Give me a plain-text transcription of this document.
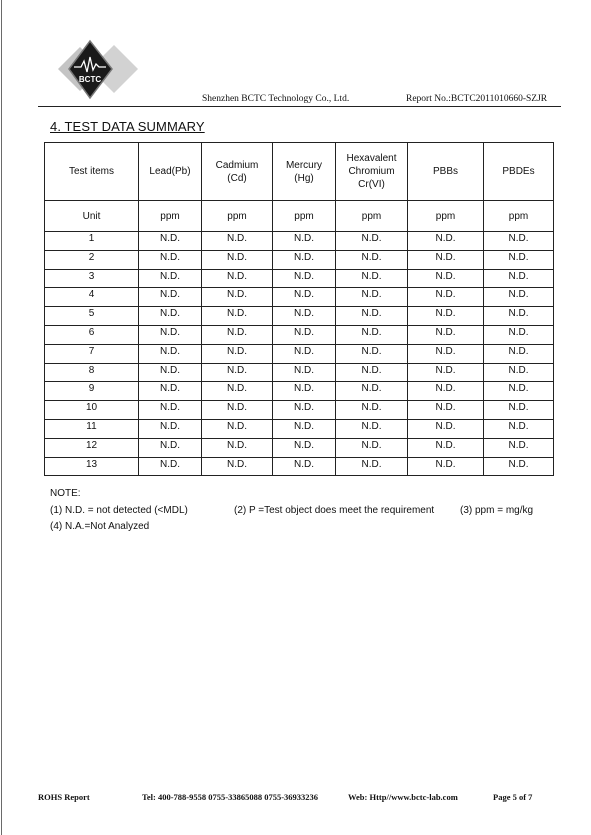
BCTC
Shenzhen BCTC Technology Co., Ltd.	Report No.:BCTC2011010660-SZJR
4. TEST DATA SUMMARY
Test items	Lead(Pb)	Cadmium (Cd)	Mercury (Hg)	Hexavalent Chromium Cr(VI)	PBBs	PBDEs
Unit	ppm	ppm	ppm	ppm	ppm	ppm
1	N.D.	N.D.	N.D.	N.D.	N.D.	N.D.
2	N.D.	N.D.	N.D.	N.D.	N.D.	N.D.
3	N.D.	N.D.	N.D.	N.D.	N.D.	N.D.
4	N.D.	N.D.	N.D.	N.D.	N.D.	N.D.
5	N.D.	N.D.	N.D.	N.D.	N.D.	N.D.
6	N.D.	N.D.	N.D.	N.D.	N.D.	N.D.
7	N.D.	N.D.	N.D.	N.D.	N.D.	N.D.
8	N.D.	N.D.	N.D.	N.D.	N.D.	N.D.
9	N.D.	N.D.	N.D.	N.D.	N.D.	N.D.
10	N.D.	N.D.	N.D.	N.D.	N.D.	N.D.
11	N.D.	N.D.	N.D.	N.D.	N.D.	N.D.
12	N.D.	N.D.	N.D.	N.D.	N.D.	N.D.
13	N.D.	N.D.	N.D.	N.D.	N.D.	N.D.
NOTE:
(1) N.D. = not detected (<MDL)	(2) P =Test object does meet the requirement	(3) ppm = mg/kg
(4) N.A.=Not Analyzed
ROHS Report	Tel: 400-788-9558 0755-33865088 0755-36933236	Web: Http//www.bctc-lab.com	Page 5 of 7
